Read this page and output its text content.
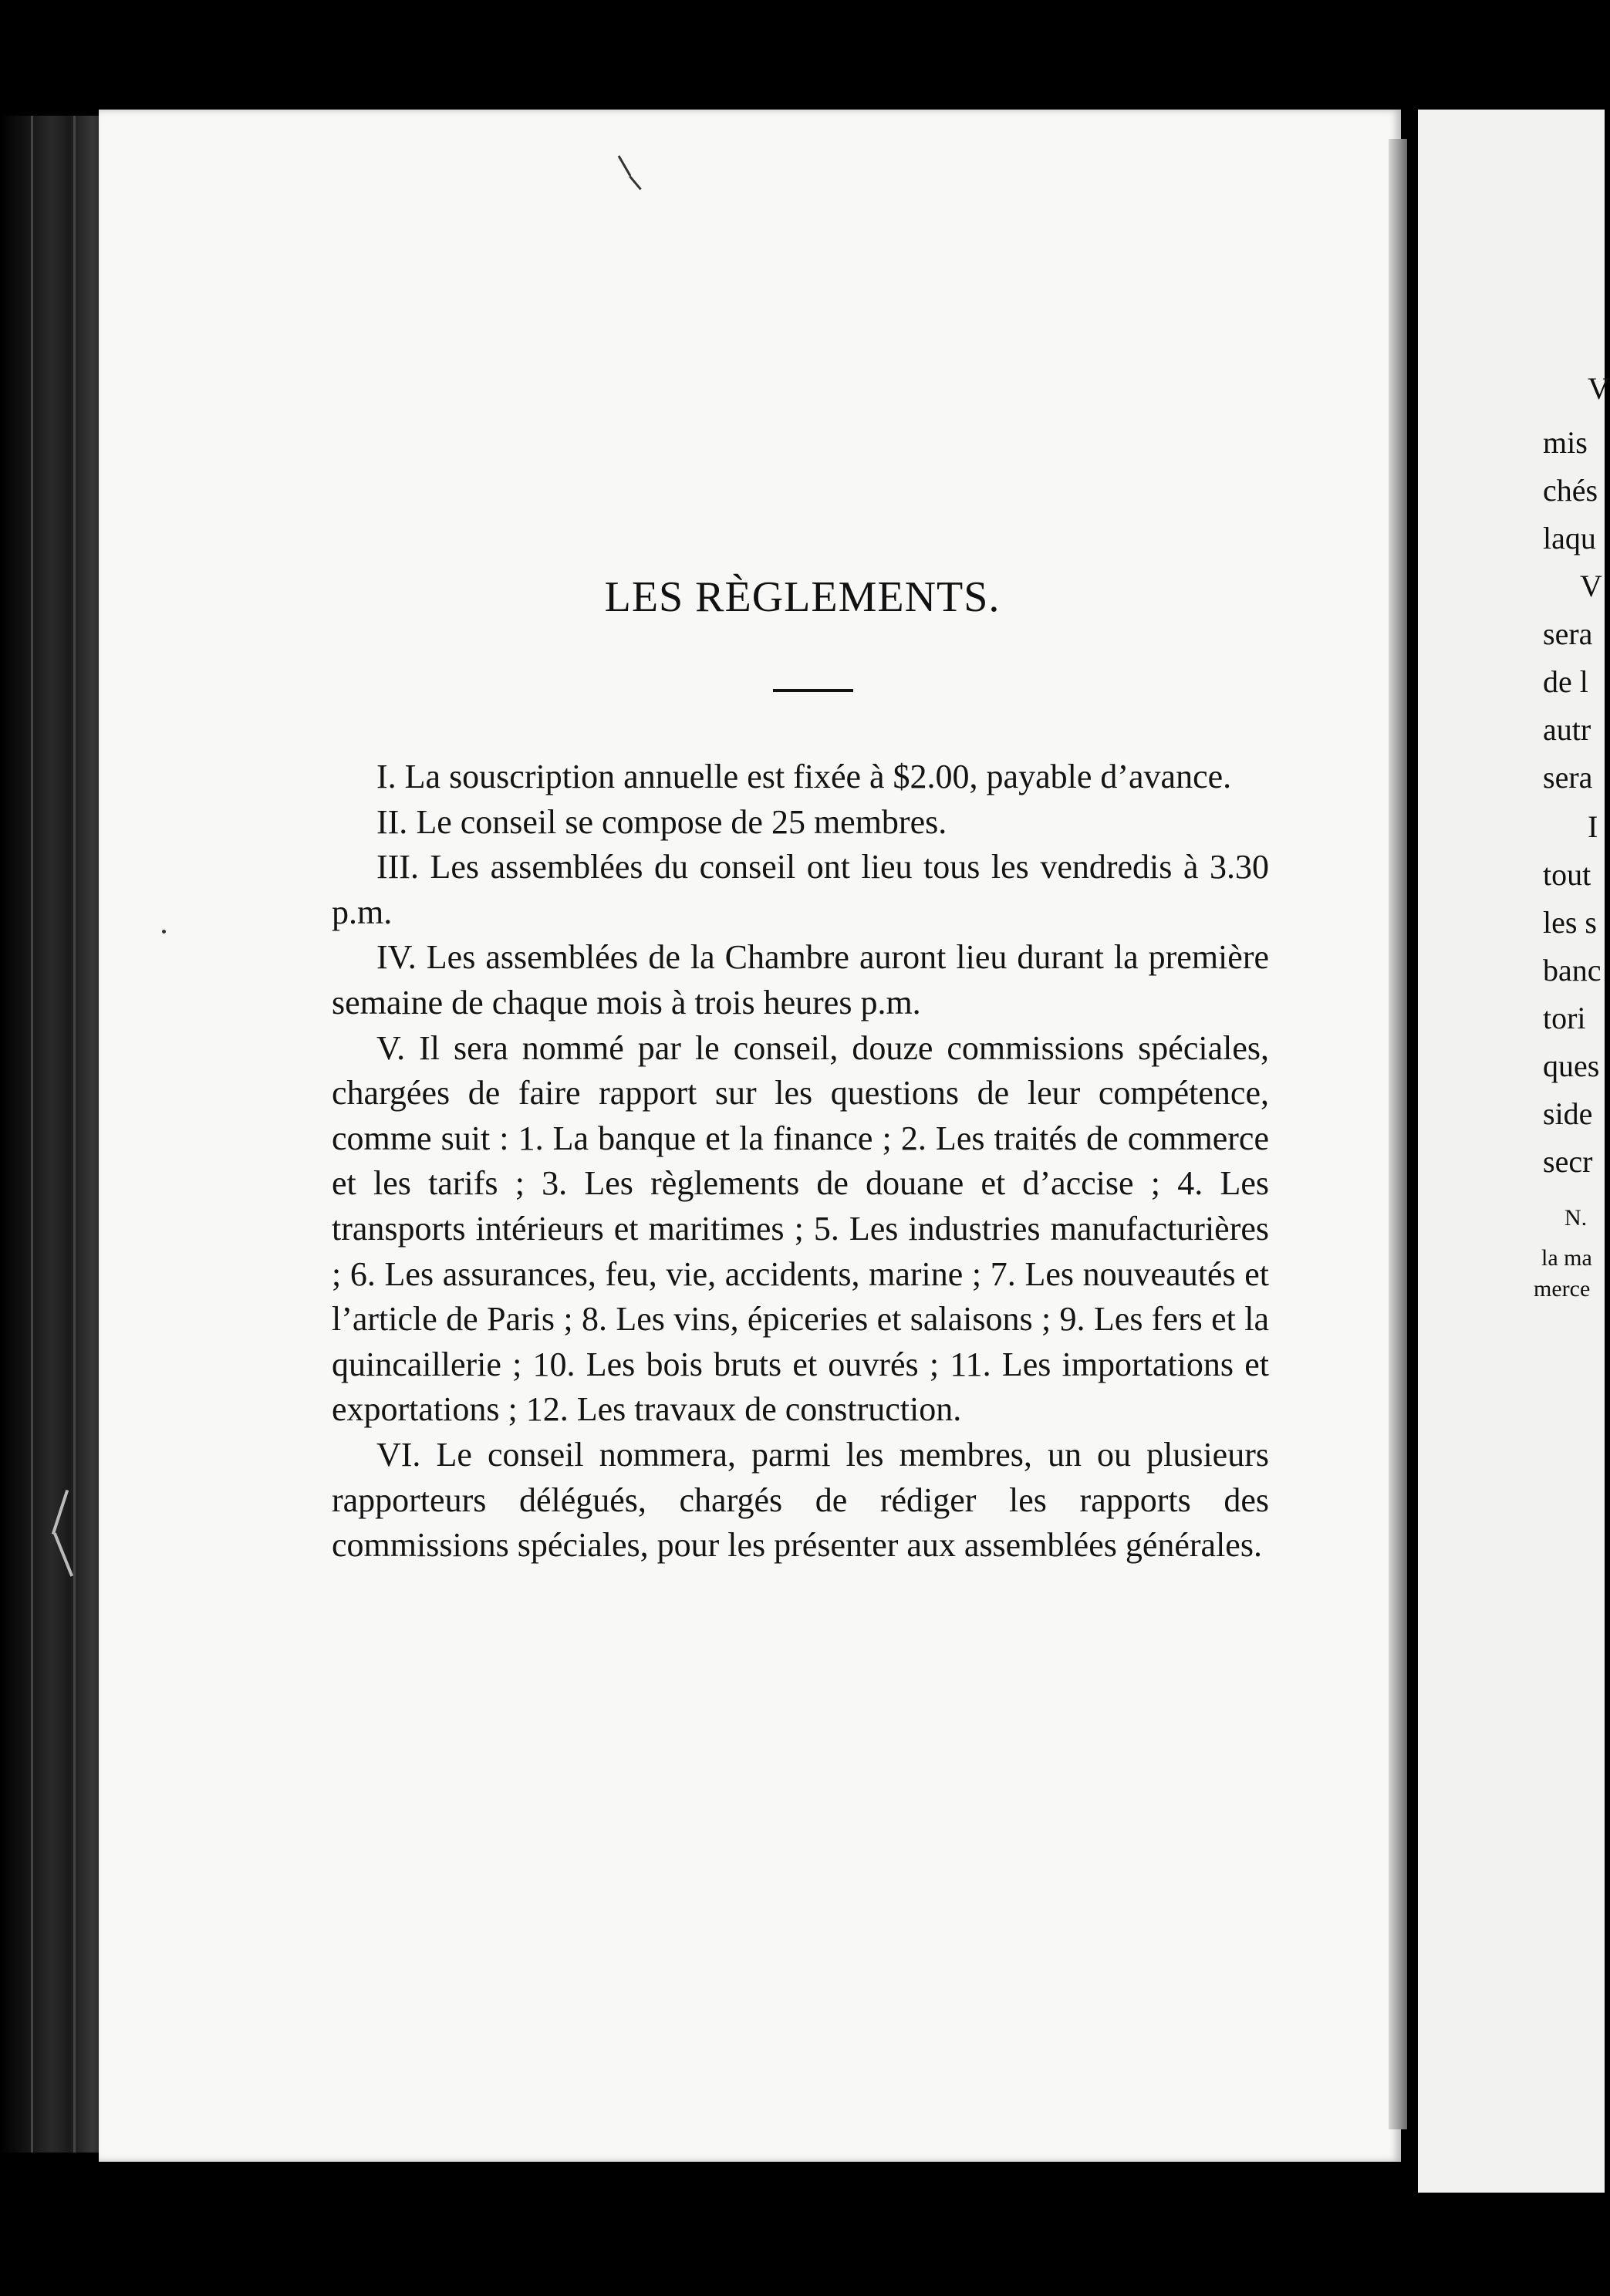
V
mis
chés
laqu
V
sera
de l
autr
sera
I
tout
les s
banc
tori
ques
side
secr
N.
la ma
merce
LES RÈGLEMENTS.

I. La souscription annuelle est fixée à $2.00, payable d’avance.

II. Le conseil se compose de 25 membres.

III. Les assemblées du conseil ont lieu tous les vendredis à 3.30 p.m.

IV. Les assemblées de la Chambre auront lieu durant la première semaine de chaque mois à trois heures p.m.

V. Il sera nommé par le conseil, douze commissions spéciales, chargées de faire rapport sur les questions de leur compétence, comme suit : 1. La banque et la finance ; 2. Les traités de commerce et les tarifs ; 3. Les règlements de douane et d’accise ; 4. Les transports intérieurs et maritimes ; 5. Les industries manufacturières ; 6. Les assurances, feu, vie, accidents, marine ; 7. Les nouveautés et l’article de Paris ; 8. Les vins, épiceries et salaisons ; 9. Les fers et la quincaillerie ; 10. Les bois bruts et ouvrés ; 11. Les importations et exportations ; 12. Les travaux de construction.

VI. Le conseil nommera, parmi les membres, un ou plusieurs rapporteurs délégués, chargés de rédiger les rapports des commissions spéciales, pour les présenter aux assemblées générales.
